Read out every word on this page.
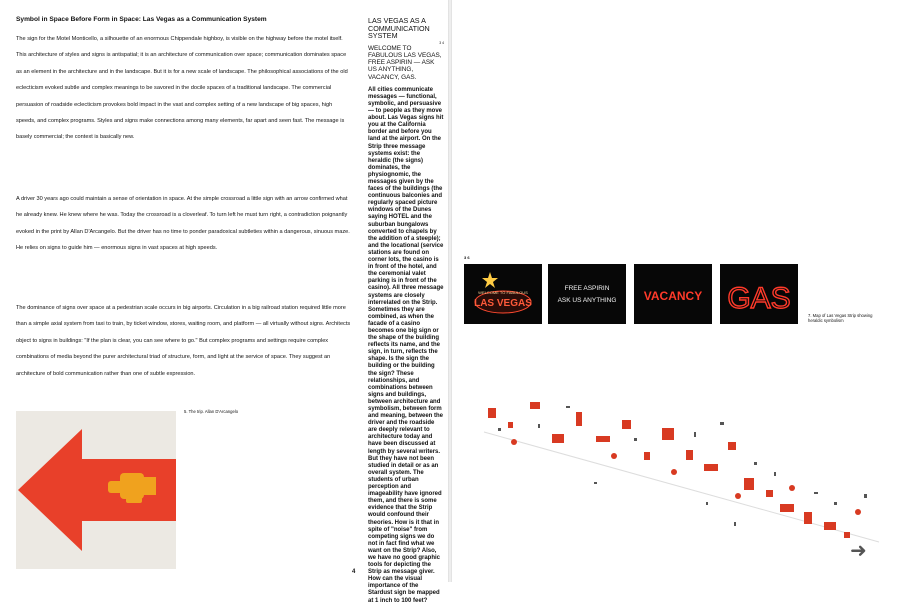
Symbol in Space Before Form in Space: Las Vegas as a Communication System
The sign for the Motel Monticello, a silhouette of an enormous Chippendale highboy, is visible on the highway before the motel itself. This architecture of styles and signs is antispatial; it is an architecture of communication over space; communication dominates space as an element in the architecture and in the landscape. But it is for a new scale of landscape. The philosophical associations of the old eclecticism evoked subtle and complex meanings to be savored in the docile spaces of a traditional landscape. The commercial persuasion of roadside eclecticism provokes bold impact in the vast and complex setting of a new landscape of big spaces, high speeds, and complex programs. Styles and signs make connections among many elements, far apart and seen fast. The message is basely commercial; the context is basically new.
A driver 30 years ago could maintain a sense of orientation in space. At the simple crossroad a little sign with an arrow confirmed what he already knew. He knew where he was. Today the crossroad is a cloverleaf. To turn left he must turn right, a contradiction poignantly evoked in the print by Allan D'Arcangelo. But the driver has no time to ponder paradoxical subtleties within a dangerous, sinuous maze. He relies on signs to guide him — enormous signs in vast spaces at high speeds.
The dominance of signs over space at a pedestrian scale occurs in big airports. Circulation in a big railroad station required little more than a simple axial system from taxi to train, by ticket window, stores, waiting room, and platform — all virtually without signs. Architects object to signs in buildings: "If the plan is clear, you can see where to go." But complex programs and settings require complex combinations of media beyond the purer architectural triad of structure, form, and light at the service of space. They suggest an architecture of bold communication rather than one of subtle expression.
5. The trip. Allan D'Arcangelo
4
LAS VEGAS AS A COMMUNICATION SYSTEM
3 4
WELCOME TO FABULOUS LAS VEGAS, FREE ASPIRIN — ASK US ANYTHING, VACANCY, GAS.
All cities communicate messages — functional, symbolic, and persuasive — to people as they move about. Las Vegas signs hit you at the California border and before you land at the airport. On the Strip three message systems exist: the heraldic (the signs) dominates, the physiognomic, the messages given by the faces of the buildings (the continuous balconies and regularly spaced picture windows of the Dunes saying HOTEL and the suburban bungalows converted to chapels by the addition of a steeple); and the locational (service stations are found on corner lots, the casino is in front of the hotel, and the ceremonial valet parking is in front of the casino). All three message systems are closely interrelated on the Strip. Sometimes they are combined, as when the facade of a casino becomes one big sign or the shape of the building reflects its name, and the sign, in turn, reflects the shape. Is the sign the building or the building the sign? These relationships, and combinations between signs and buildings, between architecture and symbolism, between form and meaning, between the driver and the roadside are deeply relevant to architecture today and have been discussed at length by several writers. But they have not been studied in detail or as an overall system. The students of urban perception and imageability have ignored them, and there is some evidence that the Strip would confound their theories. How is it that in spite of "noise" from competing signs we do not in fact find what we want on the Strip? Also, we have no good graphic tools for depicting the Strip as message giver. How can the visual importance of the Stardust sign be mapped at 1 inch to 100 feet?
3 6
WELCOME TO FABULOUS
LAS VEGAS
FREE ASPIRIN
ASK US ANYTHING VACANCY GAS
7. Map of Las Vegas Strip showing heraldic symbolism
➜
